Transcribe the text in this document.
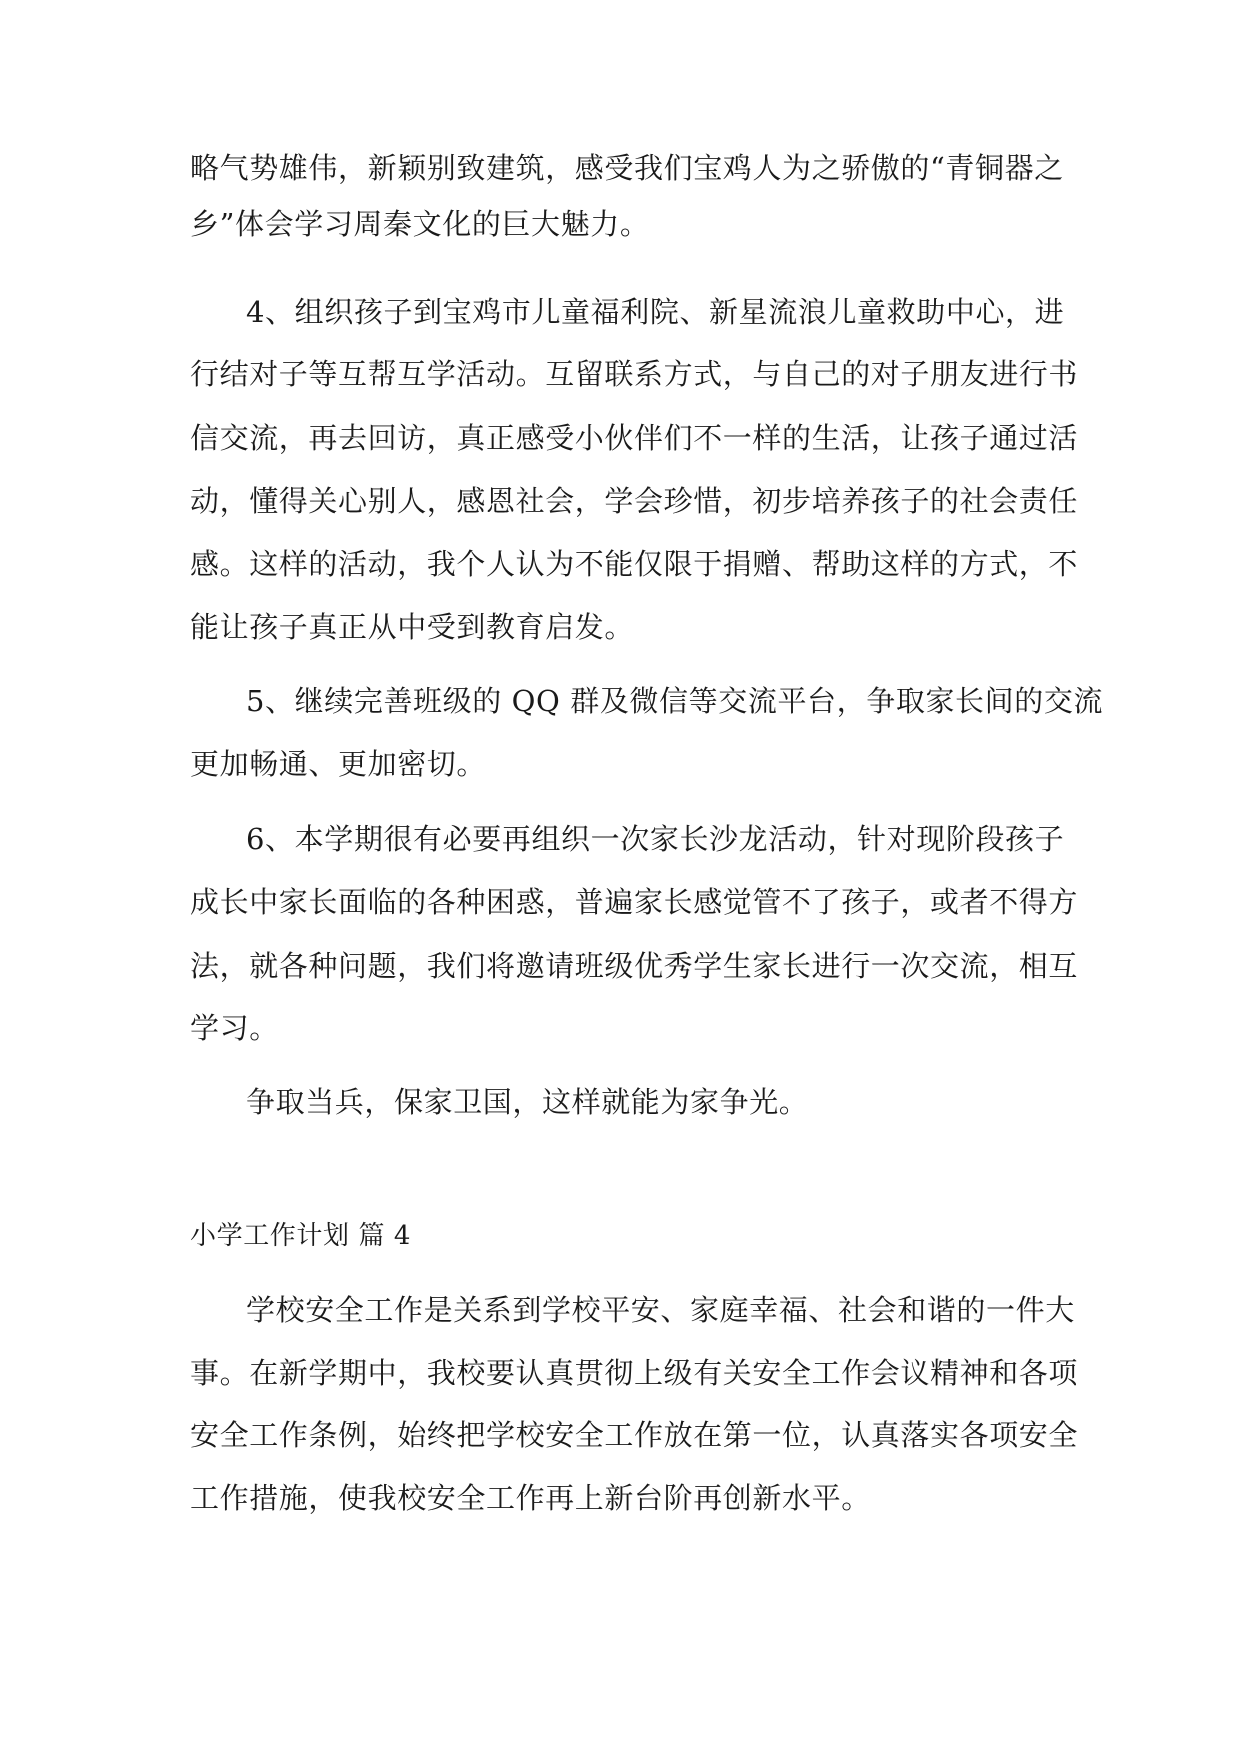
略气势雄伟，新颖别致建筑，感受我们宝鸡人为之骄傲的“青铜器之
乡”体会学习周秦文化的巨大魅力。
4、组织孩子到宝鸡市儿童福利院、新星流浪儿童救助中心，进
行结对子等互帮互学活动。互留联系方式，与自己的对子朋友进行书
信交流，再去回访，真正感受小伙伴们不一样的生活，让孩子通过活
动，懂得关心别人，感恩社会，学会珍惜，初步培养孩子的社会责任
感。这样的活动，我个人认为不能仅限于捐赠、帮助这样的方式，不
能让孩子真正从中受到教育启发。
5、继续完善班级的 QQ 群及微信等交流平台，争取家长间的交流
更加畅通、更加密切。
6、本学期很有必要再组织一次家长沙龙活动，针对现阶段孩子
成长中家长面临的各种困惑，普遍家长感觉管不了孩子，或者不得方
法，就各种问题，我们将邀请班级优秀学生家长进行一次交流，相互
学习。
争取当兵，保家卫国，这样就能为家争光。
小学工作计划 篇 4
学校安全工作是关系到学校平安、家庭幸福、社会和谐的一件大
事。在新学期中，我校要认真贯彻上级有关安全工作会议精神和各项
安全工作条例，始终把学校安全工作放在第一位，认真落实各项安全
工作措施，使我校安全工作再上新台阶再创新水平。
